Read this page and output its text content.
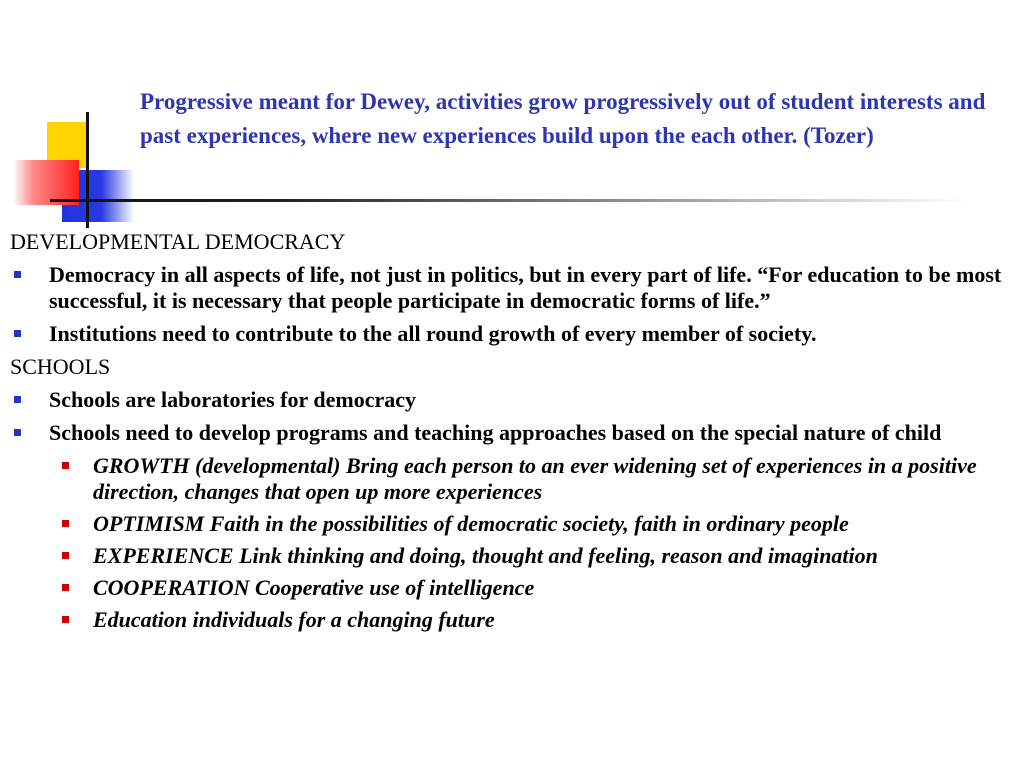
Progressive meant for Dewey, activities grow progressively out of student interests and past experiences, where new experiences build upon the each other. (Tozer)
DEVELOPMENTAL DEMOCRACY
Democracy in all aspects of life, not just in politics, but in every part of life. “For education to be most successful, it is necessary that people participate in democratic forms of life.”
Institutions need to contribute to the all round growth of every member of society.
SCHOOLS
Schools are laboratories for democracy
Schools need to develop programs and teaching approaches based on the special nature of child
GROWTH (developmental) Bring each person to an ever widening set of experiences in a positive direction, changes that open up more experiences
OPTIMISM Faith in the possibilities of democratic society, faith in ordinary people
EXPERIENCE Link thinking and doing, thought and feeling, reason and imagination
COOPERATION Cooperative use of intelligence
Education individuals for a changing future
